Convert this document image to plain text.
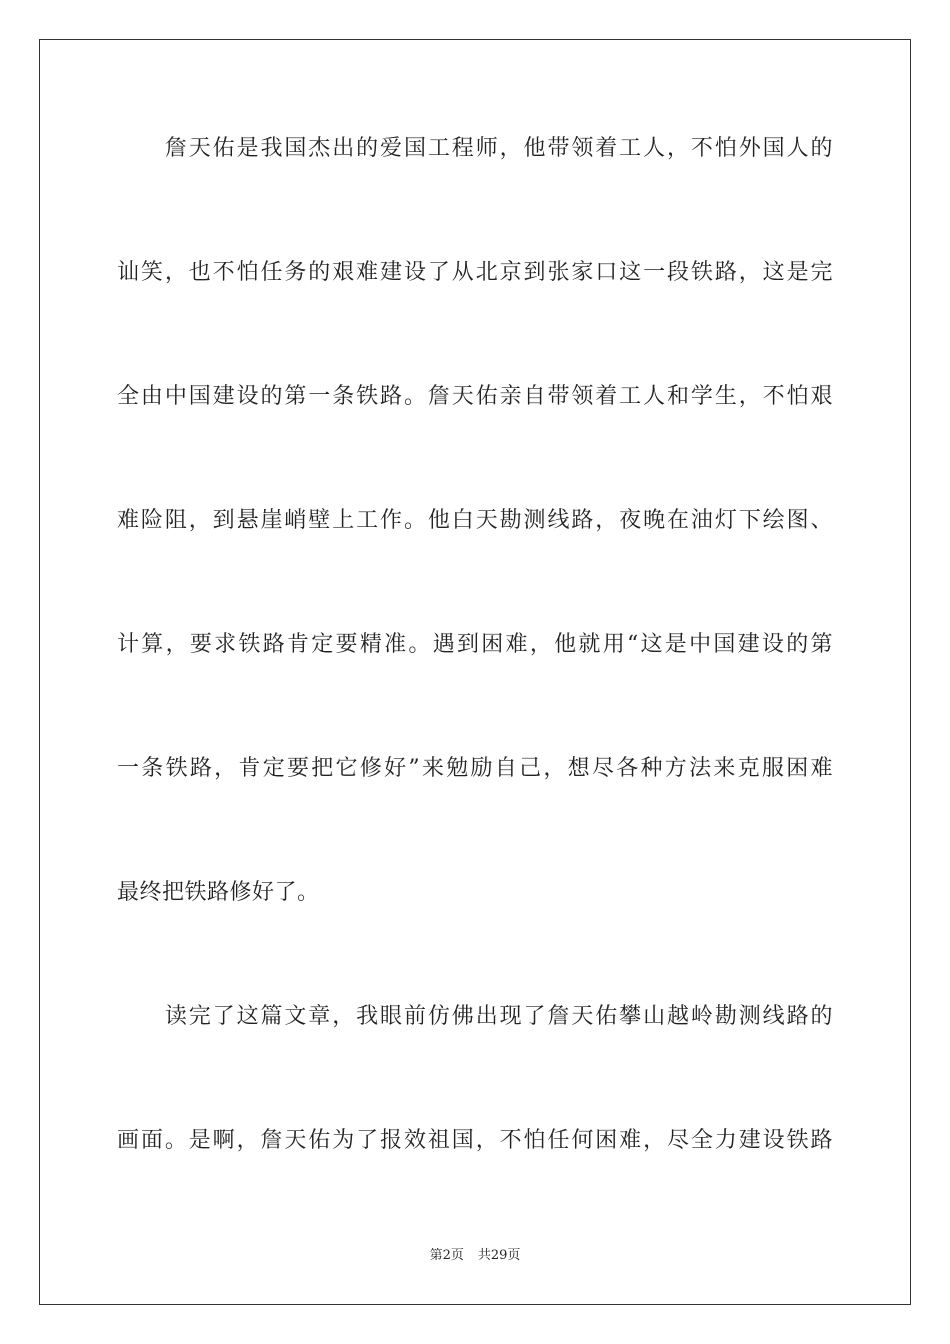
　　詹天佑是我国杰出的爱国工程师，他带领着工人，不怕外国人的
讪笑，也不怕任务的艰难建设了从北京到张家口这一段铁路，这是完
全由中国建设的第一条铁路。詹天佑亲自带领着工人和学生，不怕艰
难险阻，到悬崖峭壁上工作。他白天勘测线路，夜晚在油灯下绘图、
计算，要求铁路肯定要精准。遇到困难，他就用“这是中国建设的第
一条铁路，肯定要把它修好”来勉励自己，想尽各种方法来克服困难
最终把铁路修好了。
　　读完了这篇文章，我眼前仿佛出现了詹天佑攀山越岭勘测线路的
画面。是啊，詹天佑为了报效祖国，不怕任何困难，尽全力建设铁路
第2页 共29页
